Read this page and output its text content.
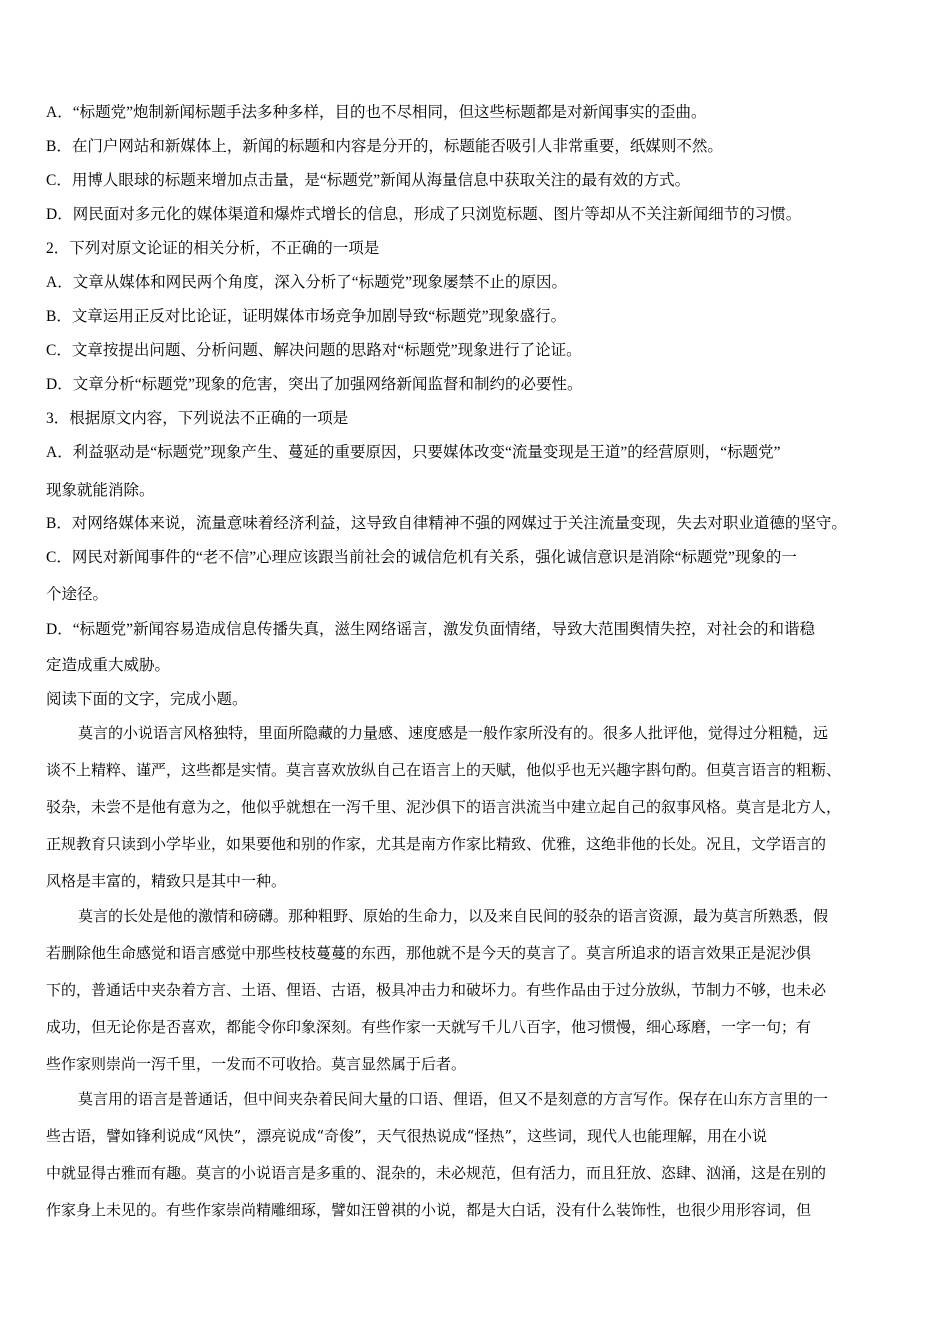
A．“标题党”炮制新闻标题手法多种多样，目的也不尽相同，但这些标题都是对新闻事实的歪曲。
B．在门户网站和新媒体上，新闻的标题和内容是分开的，标题能否吸引人非常重要，纸媒则不然。
C．用博人眼球的标题来增加点击量，是“标题党”新闻从海量信息中获取关注的最有效的方式。
D．网民面对多元化的媒体渠道和爆炸式增长的信息，形成了只浏览标题、图片等却从不关注新闻细节的习惯。
2．下列对原文论证的相关分析，不正确的一项是
A．文章从媒体和网民两个角度，深入分析了“标题党”现象屡禁不止的原因。
B．文章运用正反对比论证，证明媒体市场竞争加剧导致“标题党”现象盛行。
C．文章按提出问题、分析问题、解决问题的思路对“标题党”现象进行了论证。
D．文章分析“标题党”现象的危害，突出了加强网络新闻监督和制约的必要性。
3．根据原文内容，下列说法不正确的一项是
A．利益驱动是“标题党”现象产生、蔓延的重要原因，只要媒体改变“流量变现是王道”的经营原则，“标题党”
现象就能消除。
B．对网络媒体来说，流量意味着经济利益，这导致自律精神不强的网媒过于关注流量变现，失去对职业道德的坚守。
C．网民对新闻事件的“老不信”心理应该跟当前社会的诚信危机有关系，强化诚信意识是消除“标题党”现象的一
个途径。
D．“标题党”新闻容易造成信息传播失真，滋生网络谣言，激发负面情绪，导致大范围舆情失控，对社会的和谐稳
定造成重大威胁。
阅读下面的文字，完成小题。
莫言的小说语言风格独特，里面所隐藏的力量感、速度感是一般作家所没有的。很多人批评他，觉得过分粗糙，远
谈不上精粹、谨严，这些都是实情。莫言喜欢放纵自己在语言上的天赋，他似乎也无兴趣字斟句酌。但莫言语言的粗粝、
驳杂，未尝不是他有意为之，他似乎就想在一泻千里、泥沙俱下的语言洪流当中建立起自己的叙事风格。莫言是北方人，
正规教育只读到小学毕业，如果要他和别的作家，尤其是南方作家比精致、优雅，这绝非他的长处。况且，文学语言的
风格是丰富的，精致只是其中一种。
莫言的长处是他的激情和磅礴。那种粗野、原始的生命力，以及来自民间的驳杂的语言资源，最为莫言所熟悉，假
若删除他生命感觉和语言感觉中那些枝枝蔓蔓的东西，那他就不是今天的莫言了。莫言所追求的语言效果正是泥沙俱
下的，普通话中夹杂着方言、土语、俚语、古语，极具冲击力和破坏力。有些作品由于过分放纵，节制力不够，也未必
成功，但无论你是否喜欢，都能令你印象深刻。有些作家一天就写千儿八百字，他习惯慢，细心琢磨，一字一句；有
些作家则崇尚一泻千里，一发而不可收拾。莫言显然属于后者。
莫言用的语言是普通话，但中间夹杂着民间大量的口语、俚语，但又不是刻意的方言写作。保存在山东方言里的一
些古语，譬如锋利说成“风快”，漂亮说成“奇俊”，天气很热说成“怪热”，这些词，现代人也能理解，用在小说
中就显得古雅而有趣。莫言的小说语言是多重的、混杂的，未必规范，但有活力，而且狂放、恣肆、汹涌，这是在别的
作家身上未见的。有些作家崇尚精雕细琢，譬如汪曾祺的小说，都是大白话，没有什么装饰性，也很少用形容词，但
